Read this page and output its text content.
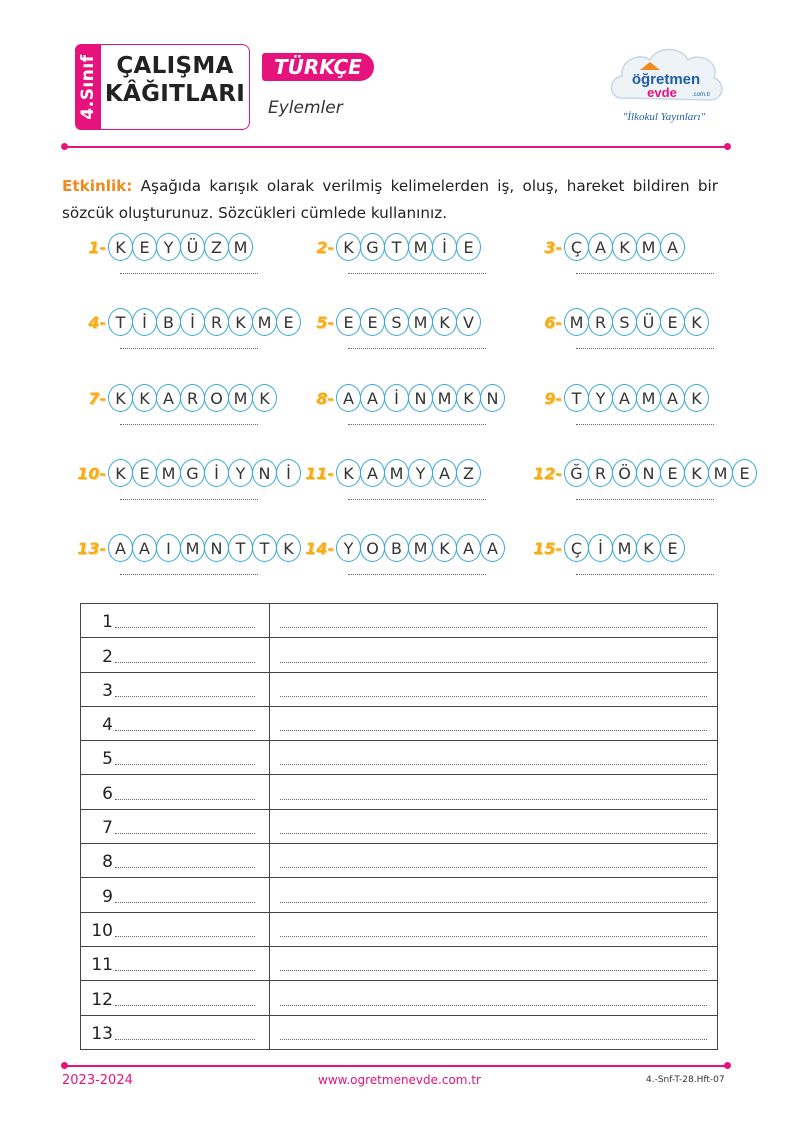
4.Sınıf ÇALIŞMA
KÂĞITLARI
TÜRKÇE
Eylemler
öğretmen
evde	.com.tr
"İlkokul Yayınları"
Etkinlik: Aşağıda karışık olarak verilmiş kelimelerden iş, oluş, hareket bildiren bir sözcük oluşturunuz. Sözcükleri cümlede kullanınız.
1- K E Y Ü Z M	2- K G T M İ	E	3- Ç A K M A
4- T	İ	B	İ	R K M E	5- E E S M K V	6- M R S Ü E K
7- K K A R O M K	8- A A	İ N M K N	9- T Y A M A K
10- K E M G İ	Y N İ 11- K A M Y A Z	12- Ğ R Ö N E K M E
13- A A	I M N T T K 14- Y O B M K A A	15- Ç	İ M K E
1
2
3
4
5
6
7
8
9
10
11
12
13
2023-2024	www.ogretmenevde.com.tr	4.-Snf-T-28.Hft-07
